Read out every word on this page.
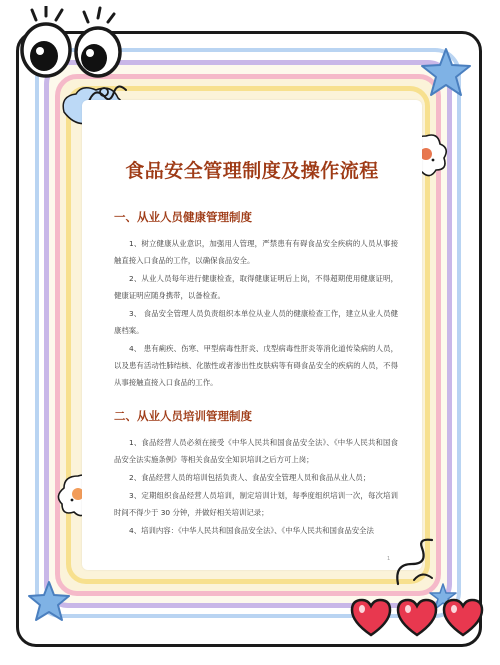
食品安全管理制度及操作流程
一、从业人员健康管理制度

1、树立健康从业意识，加强用人管理，严禁患有有碍食品安全疾病的人员从事接触直接入口食品的工作，以确保食品安全。

2、从业人员每年进行健康检查，取得健康证明后上岗，不得超期使用健康证明，健康证明应随身携带，以备检查。

3、 食品安全管理人员负责组织本单位从业人员的健康检查工作，建立从业人员健康档案。

4、 患有痢疾、伤寒、甲型病毒性肝炎、戊型病毒性肝炎等消化道传染病的人员，以及患有活动性肺结核、化脓性或者渗出性皮肤病等有碍食品安全的疾病的人员，不得从事接触直接入口食品的工作。

二、从业人员培训管理制度

1、食品经营人员必须在接受《中华人民共和国食品安全法》、《中华人民共和国食品安全法实施条例》等相关食品安全知识培训之后方可上岗；

2、食品经营人员的培训包括负责人、食品安全管理人员和食品从业人员；

3、定期组织食品经营人员培训，制定培训计划，每季度组织培训一次，每次培训时间不得少于 30 分钟，并做好相关培训记录；

4、培训内容：《中华人民共和国食品安全法》、《中华人民共和国食品安全法

1
